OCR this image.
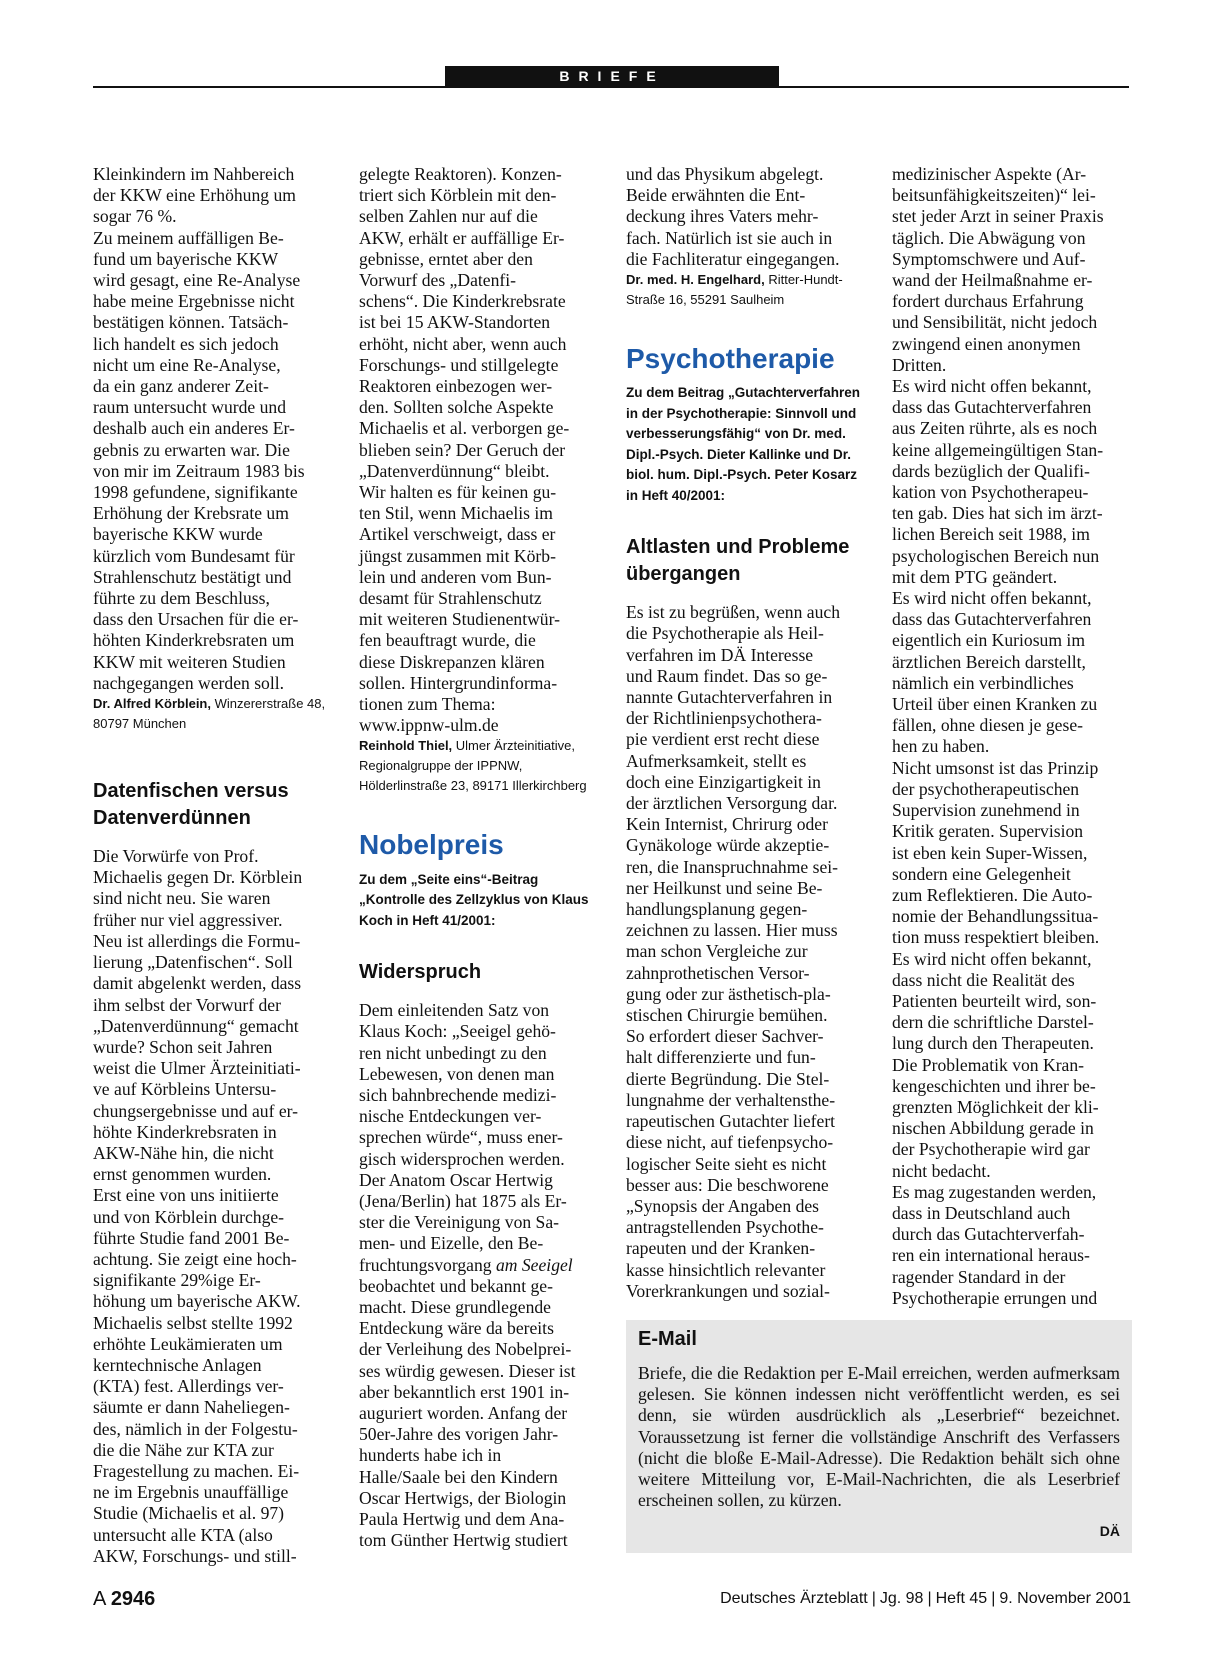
BRIEFE
Kleinkindern im Nahbereich
der KKW eine Erhöhung um
sogar 76 %.
Zu meinem auffälligen Be-
fund um bayerische KKW
wird gesagt, eine Re-Analyse
habe meine Ergebnisse nicht
bestätigen können. Tatsäch-
lich handelt es sich jedoch
nicht um eine Re-Analyse,
da ein ganz anderer Zeit-
raum untersucht wurde und
deshalb auch ein anderes Er-
gebnis zu erwarten war. Die
von mir im Zeitraum 1983 bis
1998 gefundene, signifikante
Erhöhung der Krebsrate um
bayerische KKW wurde
kürzlich vom Bundesamt für
Strahlenschutz bestätigt und
führte zu dem Beschluss,
dass den Ursachen für die er-
höhten Kinderkrebsraten um
KKW mit weiteren Studien
nachgegangen werden soll.

Dr. Alfred Körblein, Winzererstraße 48, 80797 München

Datenfischen versus Datenverdünnen
Die Vorwürfe von Prof.
Michaelis gegen Dr. Körblein
sind nicht neu. Sie waren
früher nur viel aggressiver.
Neu ist allerdings die Formu-
lierung „Datenfischen“. Soll
damit abgelenkt werden, dass
ihm selbst der Vorwurf der
„Datenverdünnung“ gemacht
wurde? Schon seit Jahren
weist die Ulmer Ärzteinitiati-
ve auf Körbleins Untersu-
chungsergebnisse und auf er-
höhte Kinderkrebsraten in
AKW-Nähe hin, die nicht
ernst genommen wurden.
Erst eine von uns initiierte
und von Körblein durchge-
führte Studie fand 2001 Be-
achtung. Sie zeigt eine hoch-
signifikante 29%ige Er-
höhung um bayerische AKW.
Michaelis selbst stellte 1992
erhöhte Leukämieraten um
kerntechnische Anlagen
(KTA) fest. Allerdings ver-
säumte er dann Naheliegen-
des, nämlich in der Folgestu-
die die Nähe zur KTA zur
Fragestellung zu machen. Ei-
ne im Ergebnis unauffällige
Studie (Michaelis et al. 97)
untersucht alle KTA (also
AKW, Forschungs- und still-
gelegte Reaktoren). Konzen-
triert sich Körblein mit den-
selben Zahlen nur auf die
AKW, erhält er auffällige Er-
gebnisse, erntet aber den
Vorwurf des „Datenfi-
schens“. Die Kinderkrebsrate
ist bei 15 AKW-Standorten
erhöht, nicht aber, wenn auch
Forschungs- und stillgelegte
Reaktoren einbezogen wer-
den. Sollten solche Aspekte
Michaelis et al. verborgen ge-
blieben sein? Der Geruch der
„Datenverdünnung“ bleibt.
Wir halten es für keinen gu-
ten Stil, wenn Michaelis im
Artikel verschweigt, dass er
jüngst zusammen mit Körb-
lein und anderen vom Bun-
desamt für Strahlenschutz
mit weiteren Studienentwür-
fen beauftragt wurde, die
diese Diskrepanzen klären
sollen. Hintergrundinforma-
tionen zum Thema:
www.ippnw-ulm.de

Reinhold Thiel, Ulmer Ärzteinitiative, Regionalgruppe der IPPNW, Hölderlinstraße 23, 89171 Illerkirchberg

Nobelpreis

Zu dem „Seite eins“-Beitrag „Kontrolle des Zellzyklus von Klaus Koch in Heft 41/2001:

Widerspruch
Dem einleitenden Satz von
Klaus Koch: „Seeigel gehö-
ren nicht unbedingt zu den
Lebewesen, von denen man
sich bahnbrechende medizi-
nische Entdeckungen ver-
sprechen würde“, muss ener-
gisch widersprochen werden.
Der Anatom Oscar Hertwig
(Jena/Berlin) hat 1875 als Er-
ster die Vereinigung von Sa-
men- und Eizelle, den Be-
fruchtungsvorgang am Seeigel
beobachtet und bekannt ge-
macht. Diese grundlegende
Entdeckung wäre da bereits
der Verleihung des Nobelprei-
ses würdig gewesen. Dieser ist
aber bekanntlich erst 1901 in-
auguriert worden. Anfang der
50er-Jahre des vorigen Jahr-
hunderts habe ich in
Halle/Saale bei den Kindern
Oscar Hertwigs, der Biologin
Paula Hertwig und dem Ana-
tom Günther Hertwig studiert
und das Physikum abgelegt.
Beide erwähnten die Ent-
deckung ihres Vaters mehr-
fach. Natürlich ist sie auch in
die Fachliteratur eingegangen.

Dr. med. H. Engelhard, Ritter-Hundt-Straße 16, 55291 Saulheim

Psychotherapie

Zu dem Beitrag „Gutachterverfahren in der Psychotherapie: Sinnvoll und verbesserungsfähig“ von Dr. med. Dipl.-Psych. Dieter Kallinke und Dr. biol. hum. Dipl.-Psych. Peter Kosarz in Heft 40/2001:

Altlasten und Probleme übergangen
Es ist zu begrüßen, wenn auch
die Psychotherapie als Heil-
verfahren im DÄ Interesse
und Raum findet. Das so ge-
nannte Gutachterverfahren in
der Richtlinienpsychothera-
pie verdient erst recht diese
Aufmerksamkeit, stellt es
doch eine Einzigartigkeit in
der ärztlichen Versorgung dar.
Kein Internist, Chrirurg oder
Gynäkologe würde akzeptie-
ren, die Inanspruchnahme sei-
ner Heilkunst und seine Be-
handlungsplanung gegen-
zeichnen zu lassen. Hier muss
man schon Vergleiche zur
zahnprothetischen Versor-
gung oder zur ästhetisch-pla-
stischen Chirurgie bemühen.
So erfordert dieser Sachver-
halt differenzierte und fun-
dierte Begründung. Die Stel-
lungnahme der verhaltensthe-
rapeutischen Gutachter liefert
diese nicht, auf tiefenpsycho-
logischer Seite sieht es nicht
besser aus: Die beschworene
„Synopsis der Angaben des
antragstellenden Psychothe-
rapeuten und der Kranken-
kasse hinsichtlich relevanter
Vorerkrankungen und sozial-
medizinischer Aspekte (Ar-
beitsunfähigkeitszeiten)“ lei-
stet jeder Arzt in seiner Praxis
täglich. Die Abwägung von
Symptomschwere und Auf-
wand der Heilmaßnahme er-
fordert durchaus Erfahrung
und Sensibilität, nicht jedoch
zwingend einen anonymen
Dritten.
Es wird nicht offen bekannt,
dass das Gutachterverfahren
aus Zeiten rührte, als es noch
keine allgemeingültigen Stan-
dards bezüglich der Qualifi-
kation von Psychotherapeu-
ten gab. Dies hat sich im ärzt-
lichen Bereich seit 1988, im
psychologischen Bereich nun
mit dem PTG geändert.
Es wird nicht offen bekannt,
dass das Gutachterverfahren
eigentlich ein Kuriosum im
ärztlichen Bereich darstellt,
nämlich ein verbindliches
Urteil über einen Kranken zu
fällen, ohne diesen je gese-
hen zu haben.
Nicht umsonst ist das Prinzip
der psychotherapeutischen
Supervision zunehmend in
Kritik geraten. Supervision
ist eben kein Super-Wissen,
sondern eine Gelegenheit
zum Reflektieren. Die Auto-
nomie der Behandlungssitua-
tion muss respektiert bleiben.
Es wird nicht offen bekannt,
dass nicht die Realität des
Patienten beurteilt wird, son-
dern die schriftliche Darstel-
lung durch den Therapeuten.
Die Problematik von Kran-
kengeschichten und ihrer be-
grenzten Möglichkeit der kli-
nischen Abbildung gerade in
der Psychotherapie wird gar
nicht bedacht.
Es mag zugestanden werden,
dass in Deutschland auch
durch das Gutachterverfah-
ren ein international heraus-
ragender Standard in der
Psychotherapie errungen und
E-Mail
Briefe, die die Redaktion per E-Mail erreichen, werden aufmerksam gelesen. Sie können indessen nicht veröffentlicht werden, es sei denn, sie würden ausdrücklich als „Leserbrief“ bezeichnet. Voraussetzung ist ferner die vollständige Anschrift des Verfassers (nicht die bloße E-Mail-Adresse). Die Redaktion behält sich ohne weitere Mitteilung vor, E-Mail-Nachrichten, die als Leserbrief erscheinen sollen, zu kürzen.
DÄ
A 2946	Deutsches Ärzteblatt | Jg. 98 | Heft 45 | 9. November 2001
